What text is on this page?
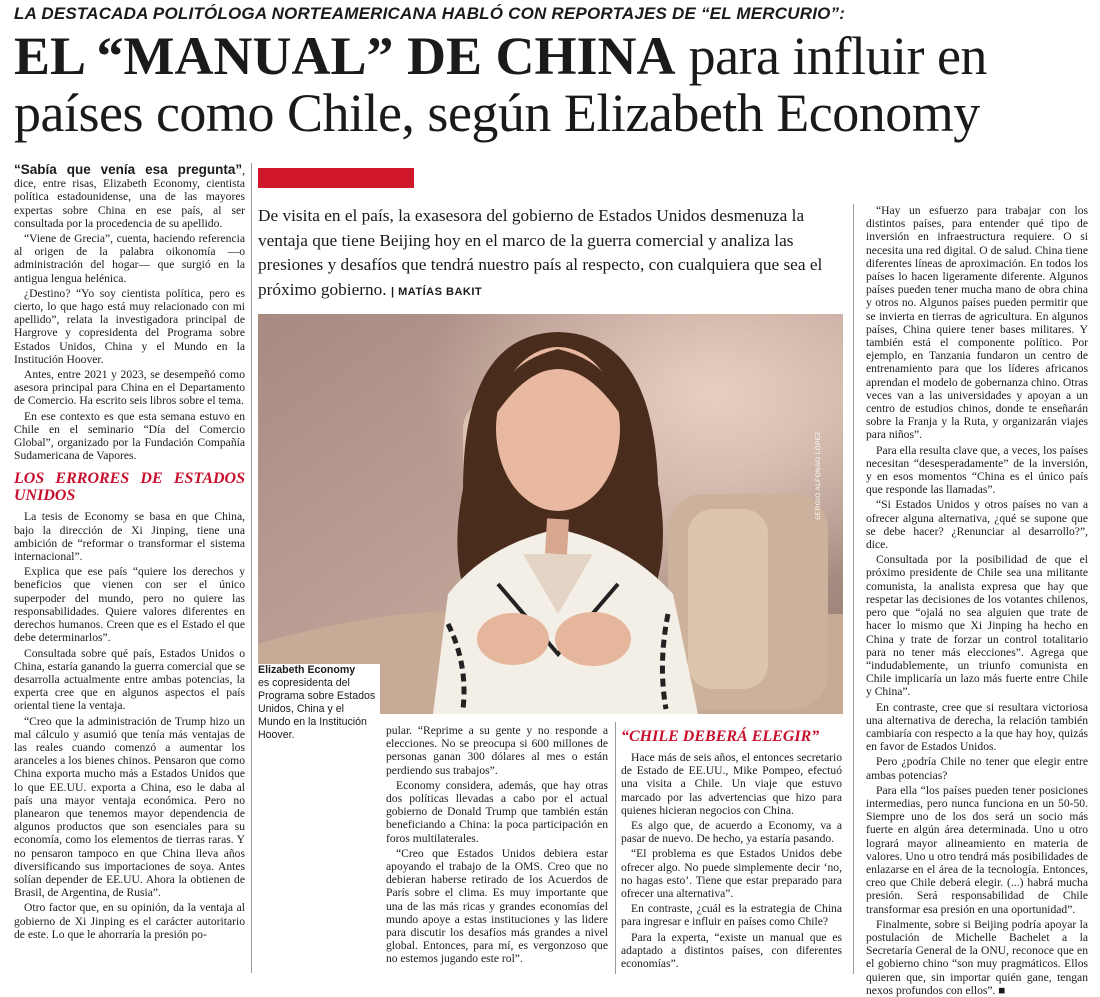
LA DESTACADA POLITÓLOGA NORTEAMERICANA HABLÓ CON REPORTAJES DE “EL MERCURIO”:
EL “MANUAL” DE CHINA para influir en
países como Chile, según Elizabeth Economy

“Sabía que venía esa pregunta”, dice, entre risas, Elizabeth Economy, cientista política estadounidense, una de las mayores expertas sobre China en ese país, al ser consultada por la procedencia de su apellido.

“Viene de Grecia”, cuenta, haciendo referencia al origen de la palabra oikonomía —o administración del hogar— que surgió en la antigua lengua helénica.

¿Destino? “Yo soy cientista política, pero es cierto, lo que hago está muy relacionado con mi apellido”, relata la investigadora principal de Hargrove y copresidenta del Programa sobre Estados Unidos, China y el Mundo en la Institución Hoover.

Antes, entre 2021 y 2023, se desempeñó como asesora principal para China en el Departamento de Comercio. Ha escrito seis libros sobre el tema.

En ese contexto es que esta semana estuvo en Chile en el seminario “Día del Comercio Global”, organizado por la Fundación Compañía Sudamericana de Vapores.

LOS ERRORES DE ESTADOS UNIDOS

La tesis de Economy se basa en que China, bajo la dirección de Xi Jinping, tiene una ambición de “reformar o transformar el sistema internacional”.

Explica que ese país “quiere los derechos y beneficios que vienen con ser el único superpoder del mundo, pero no quiere las responsabilidades. Quiere valores diferentes en derechos humanos. Creen que es el Estado el que debe determinarlos”.

Consultada sobre qué país, Estados Unidos o China, estaría ganando la guerra comercial que se desarrolla actualmente entre ambas potencias, la experta cree que en algunos aspectos el país oriental tiene la ventaja.

“Creo que la administración de Trump hizo un mal cálculo y asumió que tenía más ventajas de las reales cuando comenzó a aumentar los aranceles a los bienes chinos. Pensaron que como China exporta mucho más a Estados Unidos que lo que EE.UU. exporta a China, eso le daba al país una mayor ventaja económica. Pero no planearon que tenemos mayor dependencia de algunos productos que son esenciales para su economía, como los elementos de tierras raras. Y no pensaron tampoco en que China lleva años diversificando sus importaciones de soya. Antes solían depender de EE.UU. Ahora la obtienen de Brasil, de Argentina, de Rusia”.

Otro factor que, en su opinión, da la ventaja al gobierno de Xi Jinping es el carácter autoritario de este. Lo que le ahorraría la presión po-

De visita en el país, la exasesora del gobierno de Estados Unidos desmenuza la ventaja que tiene Beijing hoy en el marco de la guerra comercial y analiza las presiones y desafíos que tendrá nuestro país al respecto, con cualquiera que sea el próximo gobierno. | MATÍAS BAKIT
SERGIO ALFONSO LÓPEZ
Elizabeth Economy
es copresidenta del Programa sobre Estados Unidos, China y el Mundo en la Institución Hoover.	pular. “Reprime a su gente y no responde a elecciones. No se preocupa si 600 millones de personas ganan 300 dólares al mes o están perdiendo sus trabajos”.

Economy considera, además, que hay otras dos políticas llevadas a cabo por el actual gobierno de Donald Trump que también están beneficiando a China: la poca participación en foros multilaterales.

“Creo que Estados Unidos debiera estar apoyando el trabajo de la OMS. Creo que no debieran haberse retirado de los Acuerdos de París sobre el clima. Es muy importante que una de las más ricas y grandes economías del mundo apoye a estas instituciones y las lidere para discutir los desafíos más grandes a nivel global. Entonces, para mí, es vergonzoso que no estemos jugando este rol”.

“CHILE DEBERÁ ELEGIR”

Hace más de seis años, el entonces secretario de Estado de EE.UU., Mike Pompeo, efectuó una visita a Chile. Un viaje que estuvo marcado por las advertencias que hizo para quienes hicieran negocios con China.

Es algo que, de acuerdo a Economy, va a pasar de nuevo. De hecho, ya estaría pasando.

“El problema es que Estados Unidos debe ofrecer algo. No puede simplemente decir ‘no, no hagas esto’. Tiene que estar preparado para ofrecer una alternativa”.

En contraste, ¿cuál es la estrategia de China para ingresar e influir en países como Chile?

Para la experta, “existe un manual que es adaptado a distintos países, con diferentes economías”.

“Hay un esfuerzo para trabajar con los distintos países, para entender qué tipo de inversión en infraestructura requiere. O si necesita una red digital. O de salud. China tiene diferentes líneas de aproximación. En todos los países lo hacen ligeramente diferente. Algunos países pueden tener mucha mano de obra china y otros no. Algunos países pueden permitir que se invierta en tierras de agricultura. En algunos países, China quiere tener bases militares. Y también está el componente político. Por ejemplo, en Tanzania fundaron un centro de entrenamiento para que los líderes africanos aprendan el modelo de gobernanza chino. Otras veces van a las universidades y apoyan a un centro de estudios chinos, donde te enseñarán sobre la Franja y la Ruta, y organizarán viajes para niños”.

Para ella resulta clave que, a veces, los países necesitan “desesperadamente” de la inversión, y en esos momentos “China es el único país que responde las llamadas”.

“Si Estados Unidos y otros países no van a ofrecer alguna alternativa, ¿qué se supone que se debe hacer? ¿Renunciar al desarrollo?”, dice.

Consultada por la posibilidad de que el próximo presidente de Chile sea una militante comunista, la analista expresa que hay que respetar las decisiones de los votantes chilenos, pero que “ojalá no sea alguien que trate de hacer lo mismo que Xi Jinping ha hecho en China y trate de forzar un control totalitario para no tener más elecciones”. Agrega que “indudablemente, un triunfo comunista en Chile implicaría un lazo más fuerte entre Chile y China”.

En contraste, cree que si resultara victoriosa una alternativa de derecha, la relación también cambiaría con respecto a la que hay hoy, quizás en favor de Estados Unidos.

Pero ¿podría Chile no tener que elegir entre ambas potencias?

Para ella “los países pueden tener posiciones intermedias, pero nunca funciona en un 50-50. Siempre uno de los dos será un socio más fuerte en algún área determinada. Uno u otro logrará mayor alineamiento en materia de valores. Uno u otro tendrá más posibilidades de enlazarse en el área de la tecnología. Entonces, creo que Chile deberá elegir. (...) habrá mucha presión. Será responsabilidad de Chile transformar esa presión en una oportunidad”.

Finalmente, sobre si Beijing podría apoyar la postulación de Michelle Bachelet a la Secretaría General de la ONU, reconoce que en el gobierno chino “son muy pragmáticos. Ellos quieren que, sin importar quién gane, tengan nexos profundos con ellos”. ■
